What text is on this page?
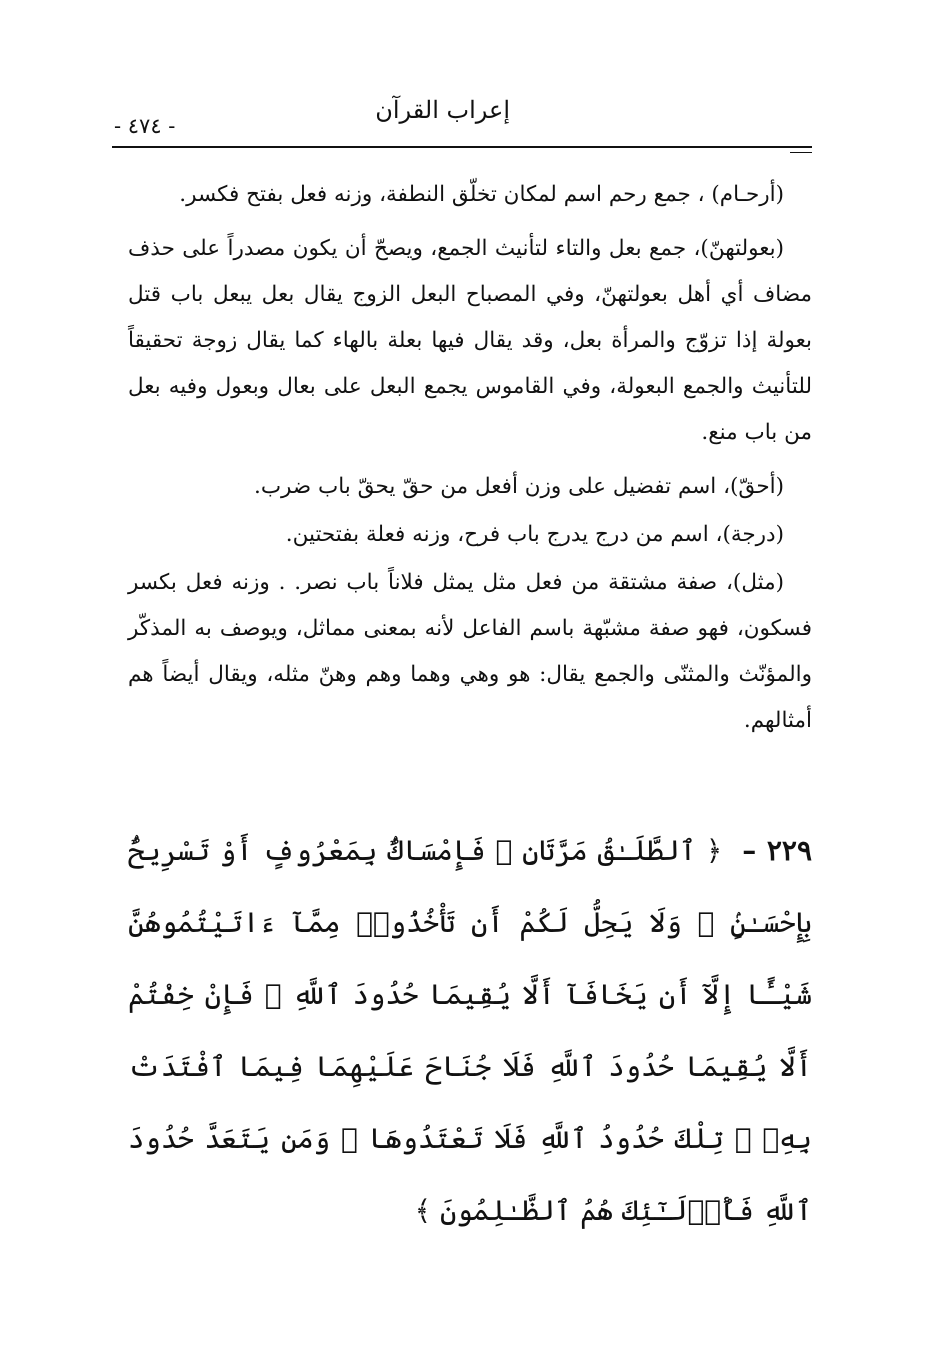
إعراب القرآن
- ٤٧٤ -

(أرحـام) ، جمع رحم اسم لمكان تخلّق النطفة، وزنه فعل بفتح فكسر.

(بعولتهنّ)، جمع بعل والتاء لتأنيث الجمع، ويصحّ أن يكون مصدراً على حذف مضاف أي أهل بعولتهنّ، وفي المصباح البعل الزوج يقال بعل يبعل باب قتل بعولة إذا تزوّج والمرأة بعل، وقد يقال فيها بعلة بالهاء كما يقال زوجة تحقيقاً للتأنيث والجمع البعولة، وفي القاموس يجمع البعل على بعال وبعول وفيه بعل من باب منع.

(أحقّ)، اسم تفضيل على وزن أفعل من حقّ يحقّ باب ضرب.

(درجة)، اسم من درج يدرج باب فرح، وزنه فعلة بفتحتين.

(مثل)، صفة مشتقة من فعل مثل يمثل فلاناً باب نصر. . وزنه فعل بكسر فسكون، فهو صفة مشبّهة باسم الفاعل لأنه بمعنى مماثل، ويوصف به المذكّر والمؤنّث والمثنّى والجمع يقال: هو وهي وهما وهم وهنّ مثله، ويقال أيضاً هم أمثالهم.

٢٢٩ – ﴿ ٱلطَّلَـٰقُ مَرَّتَانِ ۖ فَإِمْسَاكٌۢ بِمَعْرُوفٍ أَوْ تَسْرِيحٌۢ بِإِحْسَـٰنٍۢ ۗ وَلَا يَحِلُّ لَكُمْ أَن تَأْخُذُوا۟ مِمَّآ ءَاتَيْتُمُوهُنَّ شَيْـًٔا إِلَّآ أَن يَخَافَآ أَلَّا يُقِيمَا حُدُودَ ٱللَّهِ ۖ فَإِنْ خِفْتُمْ أَلَّا يُقِيمَا حُدُودَ ٱللَّهِ فَلَا جُنَاحَ عَلَيْهِمَا فِيمَا ٱفْتَدَتْ بِهِۦ ۗ تِلْكَ حُدُودُ ٱللَّهِ فَلَا تَعْتَدُوهَا ۚ وَمَن يَتَعَدَّ حُدُودَ ٱللَّهِ فَأُو۟لَـٰٓئِكَ هُمُ ٱلظَّـٰلِمُونَ ﴾
